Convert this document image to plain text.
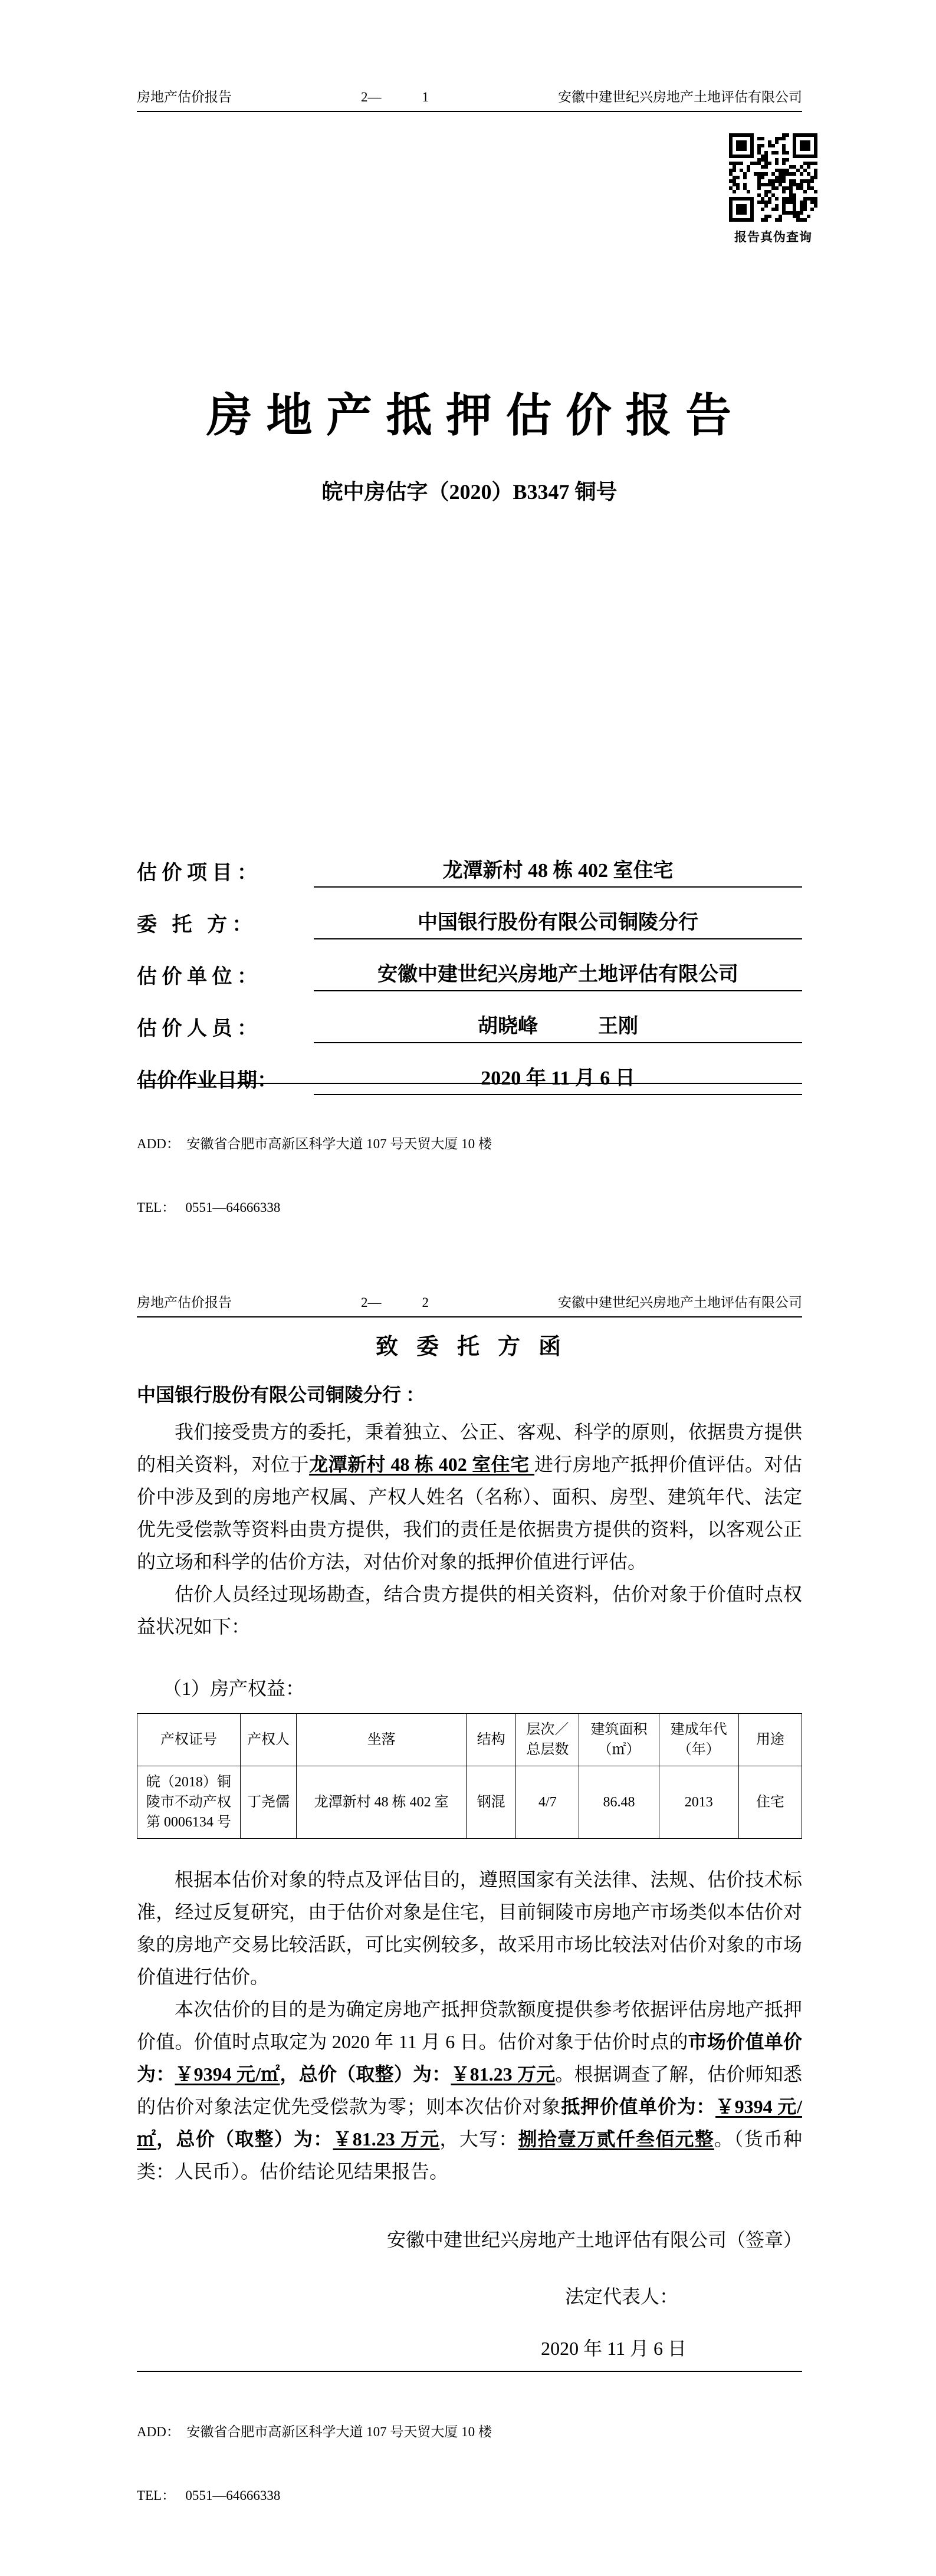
房地产估价报告	2—            1	安徽中建世纪兴房地产土地评估有限公司
报告真伪查询
房 地 产 抵 押 估 价 报 告
皖中房估字（2020）B3347 铜号
估 价 项 目 ：	龙潭新村 48 栋 402 室住宅
委   托   方 ：	中国银行股份有限公司铜陵分行
估 价 单 位 ：	安徽中建世纪兴房地产土地评估有限公司
估 价 人 员 ：	胡晓峰　　　王刚
估价作业日期：	2020 年 11 月 6 日

ADD：  安徽省合肥市高新区科学大道 107 号天贸大厦 10 楼

TEL：   0551—64666338

房地产估价报告	2—            2	安徽中建世纪兴房地产土地评估有限公司
致  委  托  方  函
中国银行股份有限公司铜陵分行 ：

我们接受贵方的委托，秉着独立、公正、客观、科学的原则，依据贵方提供的相关资料，对位于龙潭新村 48 栋 402 室住宅 进行房地产抵押价值评估。对估价中涉及到的房地产权属、产权人姓名（名称）、面积、房型、建筑年代、法定优先受偿款等资料由贵方提供，我们的责任是依据贵方提供的资料，以客观公正的立场和科学的估价方法，对估价对象的抵押价值进行评估。

估价人员经过现场勘查，结合贵方提供的相关资料，估价对象于价值时点权益状况如下：

（1）房产权益：
产权证号	产权人	坐落	结构	层次／总层数	建筑面积（㎡）	建成年代（年）	用途
皖（2018）铜陵市不动产权第 0006134 号	丁尧儒	龙潭新村 48 栋 402 室	钢混	4/7	86.48	2013	住宅

根据本估价对象的特点及评估目的，遵照国家有关法律、法规、估价技术标准，经过反复研究，由于估价对象是住宅，目前铜陵市房地产市场类似本估价对象的房地产交易比较活跃，可比实例较多，故采用市场比较法对估价对象的市场价值进行估价。

本次估价的目的是为确定房地产抵押贷款额度提供参考依据评估房地产抵押价值。价值时点取定为 2020 年 11 月 6 日。估价对象于估价时点的市场价值单价为：￥9394 元/㎡，总价（取整）为：￥81.23 万元。根据调查了解，估价师知悉的估价对象法定优先受偿款为零；则本次估价对象抵押价值单价为：￥9394 元/㎡，总价（取整）为：￥81.23 万元，大写：捌拾壹万贰仟叁佰元整。（货币种类：人民币）。估价结论见结果报告。

安徽中建世纪兴房地产土地评估有限公司（签章）
法定代表人：
2020 年 11 月 6 日

ADD：  安徽省合肥市高新区科学大道 107 号天贸大厦 10 楼

TEL：   0551—64666338
